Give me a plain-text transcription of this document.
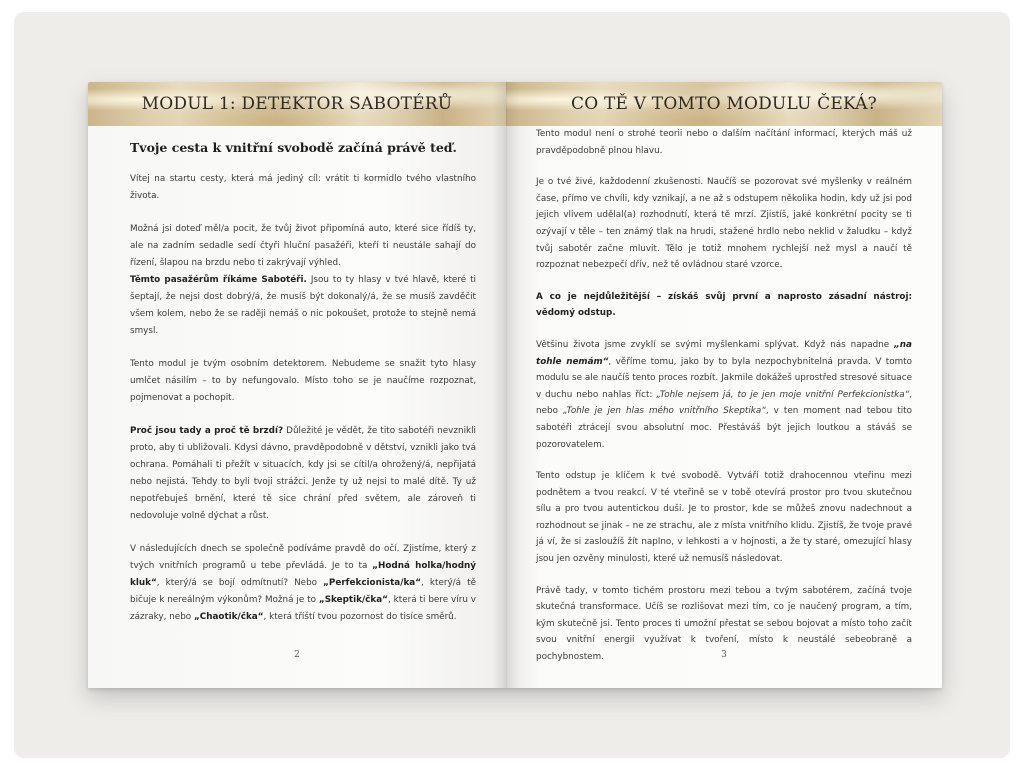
MODUL 1: DETEKTOR SABOTÉRŮ
Tvoje cesta k vnitřní svobodě začíná právě teď.

Vítej na startu cesty, která má jediný cíl: vrátit ti kormidlo tvého vlastního života.

Možná jsi doteď měl/a pocit, že tvůj život připomíná auto, které sice řídíš ty, ale na zadním sedadle sedí čtyři hluční pasažéři, kteří ti neustále sahají do řízení, šlapou na brzdu nebo ti zakrývají výhled.

Těmto pasažérům říkáme Sabotéři. Jsou to ty hlasy v tvé hlavě, které ti šeptají, že nejsi dost dobrý/á, že musíš být dokonalý/á, že se musíš zavděčit všem kolem, nebo že se raději nemáš o nic pokoušet, protože to stejně nemá smysl.

Tento modul je tvým osobním detektorem. Nebudeme se snažit tyto hlasy umlčet násilím – to by nefungovalo. Místo toho se je naučíme rozpoznat, pojmenovat a pochopit.

Proč jsou tady a proč tě brzdí? Důležité je vědět, že tito sabotéři nevznikli proto, aby ti ubližovali. Kdysi dávno, pravděpodobně v dětství, vznikli jako tvá ochrana. Pomáhali ti přežít v situacích, kdy jsi se cítil/a ohrožený/á, nepřijatá nebo nejistá. Tehdy to byli tvoji strážci. Jenže ty už nejsi to malé dítě. Ty už nepotřebuješ brnění, které tě sice chrání před světem, ale zároveň ti nedovoluje volně dýchat a růst.

V následujících dnech se společně podíváme pravdě do očí. Zjistíme, který z tvých vnitřních programů u tebe převládá. Je to ta „Hodná holka/hodný kluk“, který/á se bojí odmítnutí? Nebo „Perfekcionista/ka“, který/á tě bičuje k nereálným výkonům? Možná je to „Skeptik/čka“, která ti bere víru v zázraky, nebo „Chaotik/čka“, která tříští tvou pozornost do tisíce směrů.

2
CO TĚ V TOMTO MODULU ČEKÁ?

Tento modul není o strohé teorii nebo o dalším načítání informací, kterých máš už pravděpodobně plnou hlavu.

Je o tvé živé, každodenní zkušenosti. Naučíš se pozorovat své myšlenky v reálném čase, přímo ve chvíli, kdy vznikají, a ne až s odstupem několika hodin, kdy už jsi pod jejich vlivem udělal(a) rozhodnutí, která tě mrzí. Zjistíš, jaké konkrétní pocity se ti ozývají v těle – ten známý tlak na hrudi, stažené hrdlo nebo neklid v žaludku – když tvůj sabotér začne mluvit. Tělo je totiž mnohem rychlejší než mysl a naučí tě rozpoznat nebezpečí dřív, než tě ovládnou staré vzorce.

A co je nejdůležitější – získáš svůj první a naprosto zásadní nástroj: vědomý odstup.

Většinu života jsme zvyklí se svými myšlenkami splývat. Když nás napadne „na tohle nemám“, věříme tomu, jako by to byla nezpochybnitelná pravda. V tomto modulu se ale naučíš tento proces rozbít. Jakmile dokážeš uprostřed stresové situace v duchu nebo nahlas říct: „Tohle nejsem já, to je jen moje vnitřní Perfekcionistka“, nebo „Tohle je jen hlas mého vnitřního Skeptika“, v ten moment nad tebou tito sabotéři ztrácejí svou absolutní moc. Přestáváš být jejich loutkou a stáváš se pozorovatelem.

Tento odstup je klíčem k tvé svobodě. Vytváří totiž drahocennou vteřinu mezi podnětem a tvou reakcí. V té vteřině se v tobě otevírá prostor pro tvou skutečnou sílu a pro tvou autentickou duši. Je to prostor, kde se můžeš znovu nadechnout a rozhodnout se jinak – ne ze strachu, ale z místa vnitřního klidu. Zjistíš, že tvoje pravé já ví, že si zasloužíš žít naplno, v lehkosti a v hojnosti, a že ty staré, omezující hlasy jsou jen ozvěny minulosti, které už nemusíš následovat.

Právě tady, v tomto tichém prostoru mezi tebou a tvým sabotérem, začíná tvoje skutečná transformace. Učíš se rozlišovat mezi tím, co je naučený program, a tím, kým skutečně jsi. Tento proces ti umožní přestat se sebou bojovat a místo toho začít svou vnitřní energii využívat k tvoření, místo k neustálé sebeobraně a pochybnostem.	3
